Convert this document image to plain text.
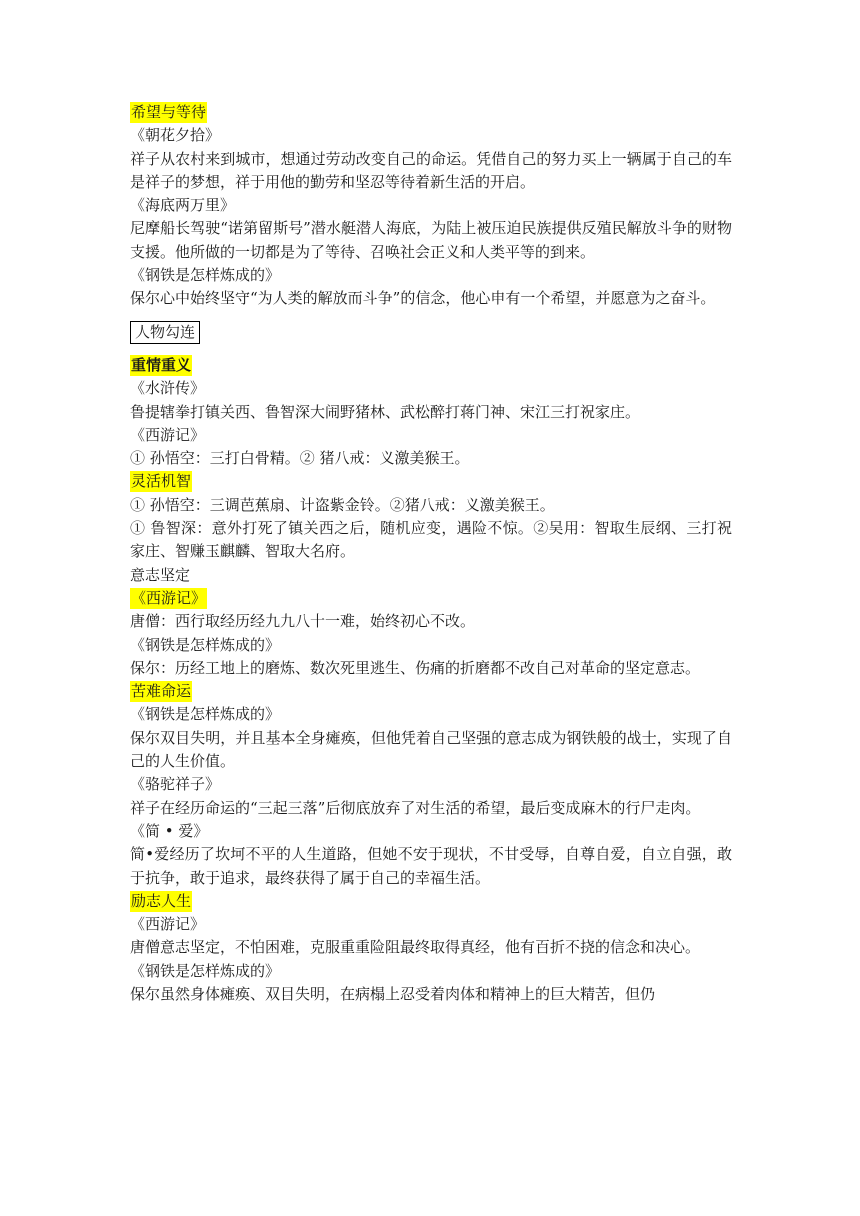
希望与等待
《朝花夕拾》
祥子从农村来到城市，想通过劳动改变自己的命运。凭借自己的努力买上一辆属于自己的车是祥子的梦想，祥于用他的勤劳和坚忍等待着新生活的开启。
《海底两万里》
尼摩船长驾驶“诺第留斯号”潜水艇潜人海底，为陆上被压迫民族提供反殖民解放斗争的财物支援。他所做的一切都是为了等待、召唤社会正义和人类平等的到来。
《钢铁是怎样炼成的》
保尔心中始终坚守“为人类的解放而斗争”的信念，他心申有一个希望，并愿意为之奋斗。
人物勾连
重情重义
《水浒传》
鲁提辖拳打镇关西、鲁智深大闹野猪林、武松醉打蒋门神、宋江三打祝家庄。
《西游记》
① 孙悟空：三打白骨精。② 猪八戒：义激美猴王。
灵活机智
① 孙悟空：三调芭蕉扇、计盗紫金铃。②猪八戒：义激美猴王。
① 鲁智深：意外打死了镇关西之后，随机应变，遇险不惊。②吴用：智取生辰纲、三打祝家庄、智赚玉麒麟、智取大名府。
意志坚定
《西游记》
唐僧：西行取经历经九九八十一难，始终初心不改。
《钢铁是怎样炼成的》
保尔：历经工地上的磨炼、数次死里逃生、伤痛的折磨都不改自己对革命的坚定意志。
苦难命运
《钢铁是怎样炼成的》
保尔双目失明，并且基本全身瘫痪，但他凭着自己坚强的意志成为钢铁般的战士，实现了自己的人生价值。
《骆驼祥子》
祥子在经历命运的“三起三落”后彻底放弃了对生活的希望，最后变成麻木的行尸走肉。
《简 • 爱》
简•爱经历了坎坷不平的人生道路，但她不安于现状，不甘受辱，自尊自爱，自立自强，敢于抗争，敢于追求，最终获得了属于自己的幸福生活。
励志人生
《西游记》
唐僧意志坚定，不怕困难，克服重重险阻最终取得真经，他有百折不挠的信念和决心。
《钢铁是怎样炼成的》
保尔虽然身体瘫痪、双目失明，在病榻上忍受着肉体和精神上的巨大精苦，但仍
